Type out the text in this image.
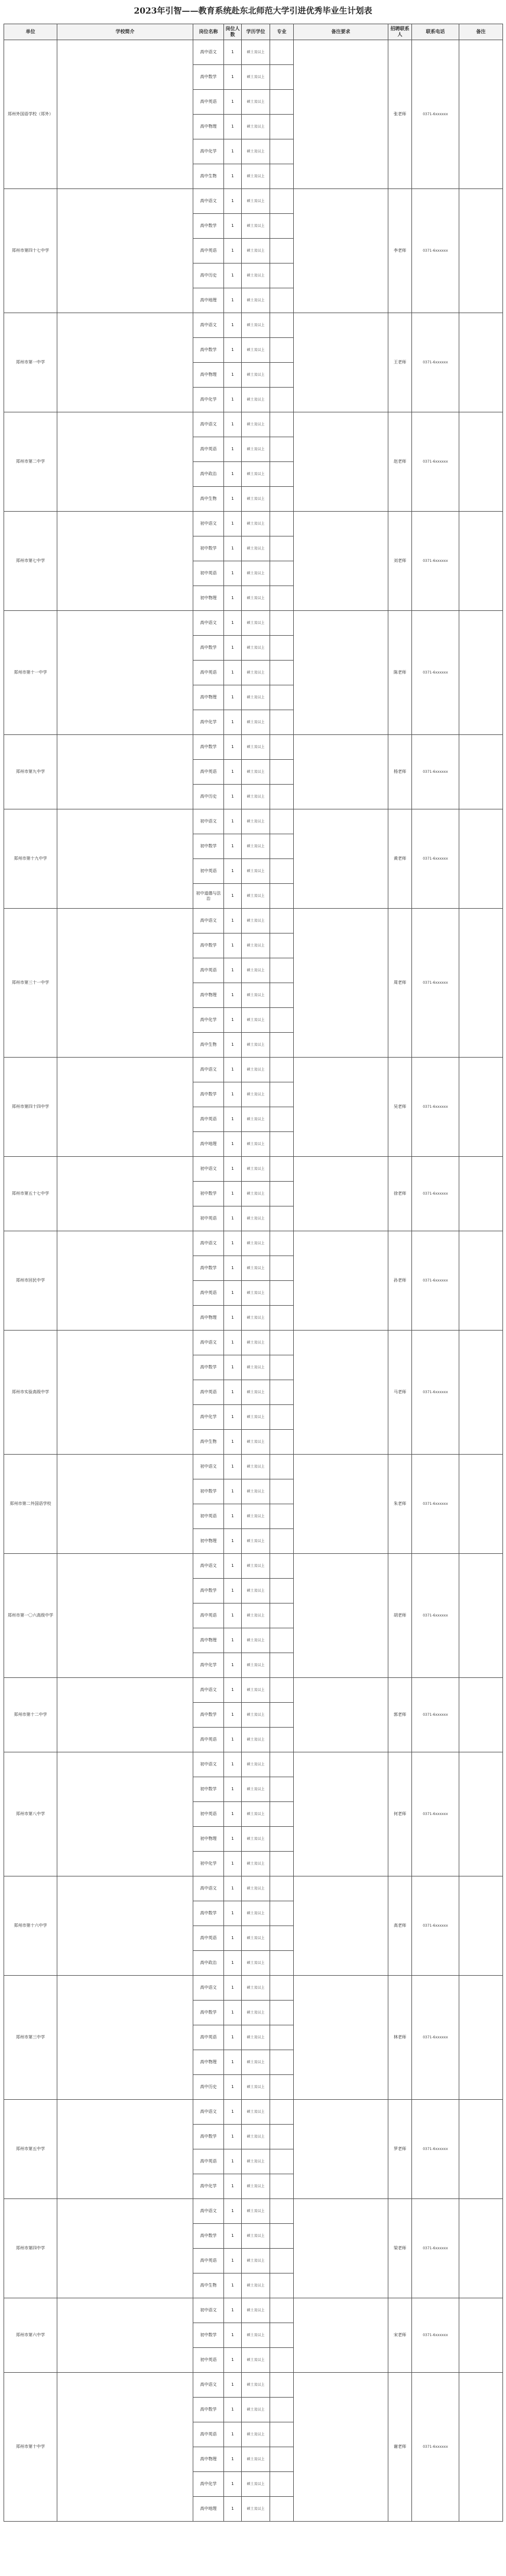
2023年引智——教育系统赴东北师范大学引进优秀毕业生计划表
单位	学校简介	岗位名称	岗位人数	学历学位	专业	备注要求	招聘联系人	联系电话	备注
郑州外国语学校（郑外）		高中语文	1	硕士及以上			张老师	0371-6xxxxxx	
		高中数学	1	硕士及以上					
		高中英语	1	硕士及以上					
		高中物理	1	硕士及以上					
		高中化学	1	硕士及以上					
		高中生物	1	硕士及以上					
郑州市第四十七中学		高中语文	1	硕士及以上			李老师	0371-6xxxxxx	
		高中数学	1	硕士及以上					
		高中英语	1	硕士及以上					
		高中历史	1	硕士及以上					
		高中地理	1	硕士及以上					
郑州市第一中学		高中语文	1	硕士及以上			王老师	0371-6xxxxxx	
		高中数学	1	硕士及以上					
		高中物理	1	硕士及以上					
		高中化学	1	硕士及以上					
郑州市第二中学		高中语文	1	硕士及以上			赵老师	0371-6xxxxxx	
		高中英语	1	硕士及以上					
		高中政治	1	硕士及以上					
		高中生物	1	硕士及以上					
郑州市第七中学		初中语文	1	硕士及以上			刘老师	0371-6xxxxxx	
		初中数学	1	硕士及以上					
		初中英语	1	硕士及以上					
		初中物理	1	硕士及以上					
郑州市第十一中学		高中语文	1	硕士及以上			陈老师	0371-6xxxxxx	
		高中数学	1	硕士及以上					
		高中英语	1	硕士及以上					
		高中物理	1	硕士及以上					
		高中化学	1	硕士及以上					
郑州市第九中学		高中数学	1	硕士及以上			杨老师	0371-6xxxxxx	
		高中英语	1	硕士及以上					
		高中历史	1	硕士及以上					
郑州市第十九中学		初中语文	1	硕士及以上			黄老师	0371-6xxxxxx	
		初中数学	1	硕士及以上					
		初中英语	1	硕士及以上					
		初中道德与法治	1	硕士及以上					
郑州市第三十一中学		高中语文	1	硕士及以上			周老师	0371-6xxxxxx	
		高中数学	1	硕士及以上					
		高中英语	1	硕士及以上					
		高中物理	1	硕士及以上					
		高中化学	1	硕士及以上					
		高中生物	1	硕士及以上					
郑州市第四十四中学		高中语文	1	硕士及以上			吴老师	0371-6xxxxxx	
		高中数学	1	硕士及以上					
		高中英语	1	硕士及以上					
		高中地理	1	硕士及以上					
郑州市第五十七中学		初中语文	1	硕士及以上			徐老师	0371-6xxxxxx	
		初中数学	1	硕士及以上					
		初中英语	1	硕士及以上					
郑州市回民中学		高中语文	1	硕士及以上			孙老师	0371-6xxxxxx	
		高中数学	1	硕士及以上					
		高中英语	1	硕士及以上					
		高中物理	1	硕士及以上					
郑州市实验高级中学		高中语文	1	硕士及以上			马老师	0371-6xxxxxx	
		高中数学	1	硕士及以上					
		高中英语	1	硕士及以上					
		高中化学	1	硕士及以上					
		高中生物	1	硕士及以上					
郑州市第二外国语学校		初中语文	1	硕士及以上			朱老师	0371-6xxxxxx	
		初中数学	1	硕士及以上					
		初中英语	1	硕士及以上					
		初中物理	1	硕士及以上					
郑州市第一〇六高级中学		高中语文	1	硕士及以上			胡老师	0371-6xxxxxx	
		高中数学	1	硕士及以上					
		高中英语	1	硕士及以上					
		高中物理	1	硕士及以上					
		高中化学	1	硕士及以上					
郑州市第十二中学		高中语文	1	硕士及以上			郭老师	0371-6xxxxxx	
		高中数学	1	硕士及以上					
		高中英语	1	硕士及以上					
郑州市第八中学		初中语文	1	硕士及以上			何老师	0371-6xxxxxx	
		初中数学	1	硕士及以上					
		初中英语	1	硕士及以上					
		初中物理	1	硕士及以上					
		初中化学	1	硕士及以上					
郑州市第十六中学		高中语文	1	硕士及以上			高老师	0371-6xxxxxx	
		高中数学	1	硕士及以上					
		高中英语	1	硕士及以上					
		高中政治	1	硕士及以上					
郑州市第三中学		高中语文	1	硕士及以上			林老师	0371-6xxxxxx	
		高中数学	1	硕士及以上					
		高中英语	1	硕士及以上					
		高中物理	1	硕士及以上					
		高中历史	1	硕士及以上					
郑州市第五中学		高中语文	1	硕士及以上			罗老师	0371-6xxxxxx	
		高中数学	1	硕士及以上					
		高中英语	1	硕士及以上					
		高中化学	1	硕士及以上					
郑州市第四中学		高中语文	1	硕士及以上			梁老师	0371-6xxxxxx	
		高中数学	1	硕士及以上					
		高中英语	1	硕士及以上					
		高中生物	1	硕士及以上					
郑州市第六中学		初中语文	1	硕士及以上			宋老师	0371-6xxxxxx	
		初中数学	1	硕士及以上					
		初中英语	1	硕士及以上					
郑州市第十中学		高中语文	1	硕士及以上			谢老师	0371-6xxxxxx	
		高中数学	1	硕士及以上					
		高中英语	1	硕士及以上					
		高中物理	1	硕士及以上					
		高中化学	1	硕士及以上					
		高中地理	1	硕士及以上					
